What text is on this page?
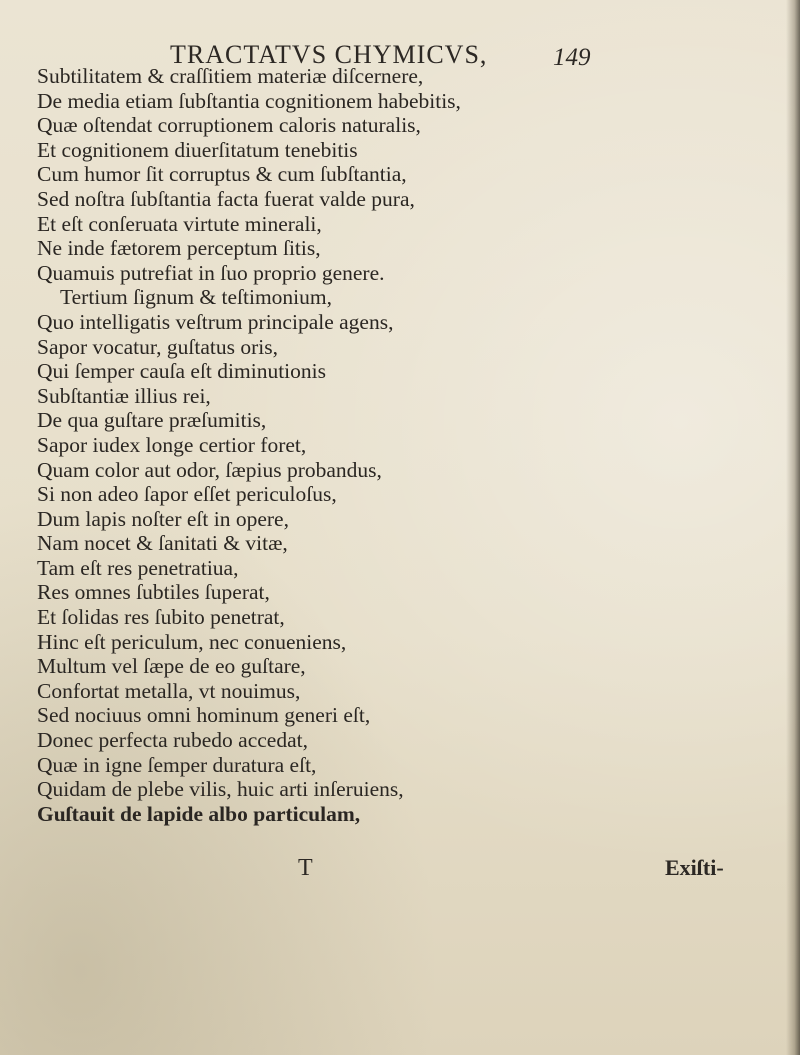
TRACTATVS CHYMICVS,	149
Subtilitatem & craſſitiem materiæ diſcernere,
De media etiam ſubſtantia cognitionem habebitis,
Quæ oſtendat corruptionem caloris naturalis,
Et cognitionem diuerſitatum tenebitis
Cum humor ſit corruptus & cum ſubſtantia,
Sed noſtra ſubſtantia facta fuerat valde pura,
Et eſt conſeruata virtute minerali,
Ne inde fætorem perceptum ſitis,
Quamuis putrefiat in ſuo proprio genere.
Tertium ſignum & teſtimonium,
Quo intelligatis veſtrum principale agens,
Sapor vocatur, guſtatus oris,
Qui ſemper cauſa eſt diminutionis
Subſtantiæ illius rei,
De qua guſtare præſumitis,
Sapor iudex longe certior foret,
Quam color aut odor, ſæpius probandus,
Si non adeo ſapor eſſet periculoſus,
Dum lapis noſter eſt in opere,
Nam nocet & ſanitati & vitæ,
Tam eſt res penetratiua,
Res omnes ſubtiles ſuperat,
Et ſolidas res ſubito penetrat,
Hinc eſt periculum, nec conueniens,
Multum vel ſæpe de eo guſtare,
Confortat metalla, vt nouimus,
Sed nociuus omni hominum generi eſt,
Donec perfecta rubedo accedat,
Quæ in igne ſemper duratura eſt,
Quidam de plebe vilis, huic arti inſeruiens,
Guſtauit de lapide albo particulam,
T	Exiſti-
